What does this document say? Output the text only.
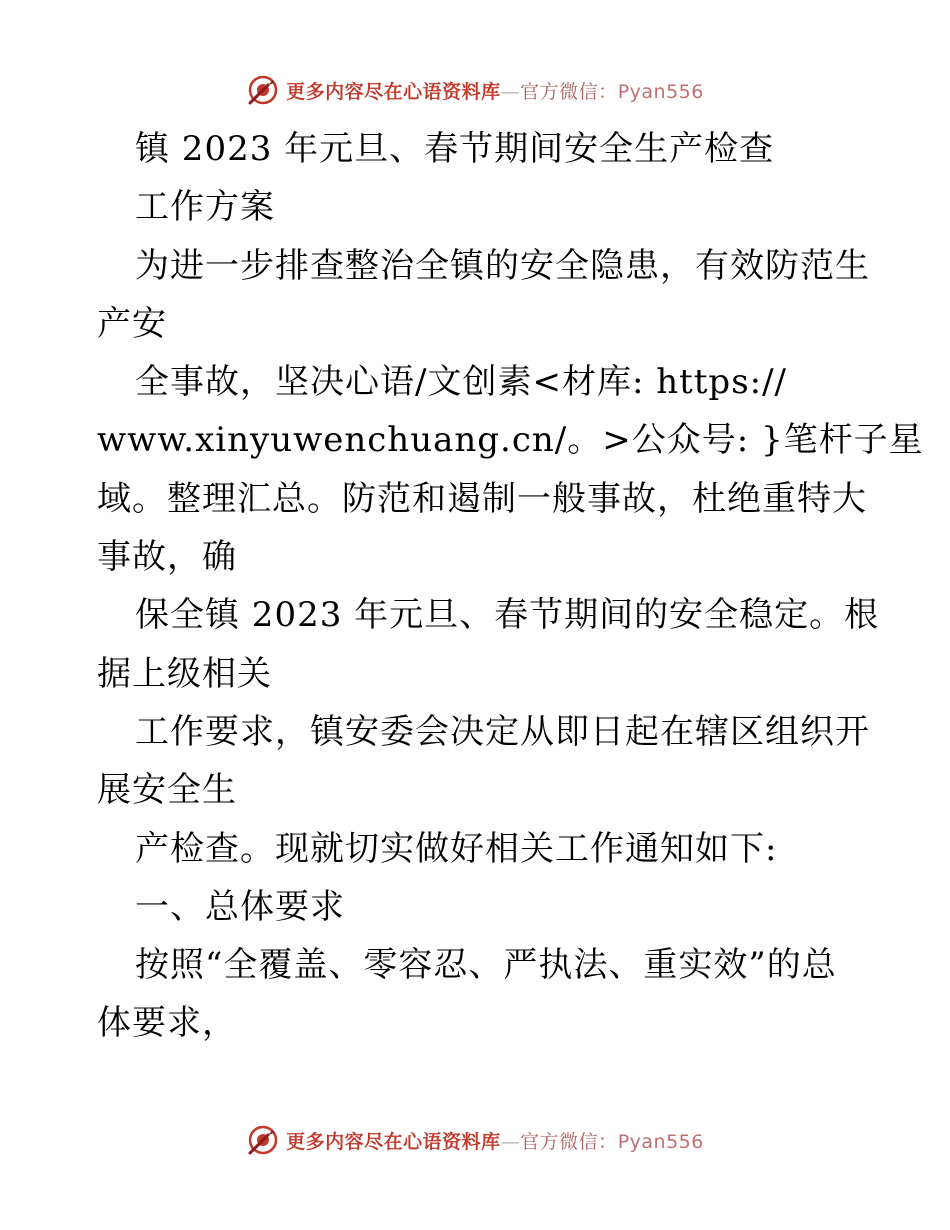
更多内容尽在心语资料库—官方微信：Pyan556
镇 2023 年元旦、春节期间安全生产检查
工作方案
为进一步排查整治全镇的安全隐患，有效防范生
产安
全事故，坚决心语/文创素<材库: https://
www.xinyuwenchuang.cn/。>公众号: }笔杆子星
域。整理汇总。防范和遏制一般事故，杜绝重特大
事故，确
保全镇 2023 年元旦、春节期间的安全稳定。根
据上级相关
工作要求，镇安委会决定从即日起在辖区组织开
展安全生
产检查。现就切实做好相关工作通知如下:
一、总体要求
按照“全覆盖、零容忍、严执法、重实效”的总
体要求，
更多内容尽在心语资料库—官方微信：Pyan556
